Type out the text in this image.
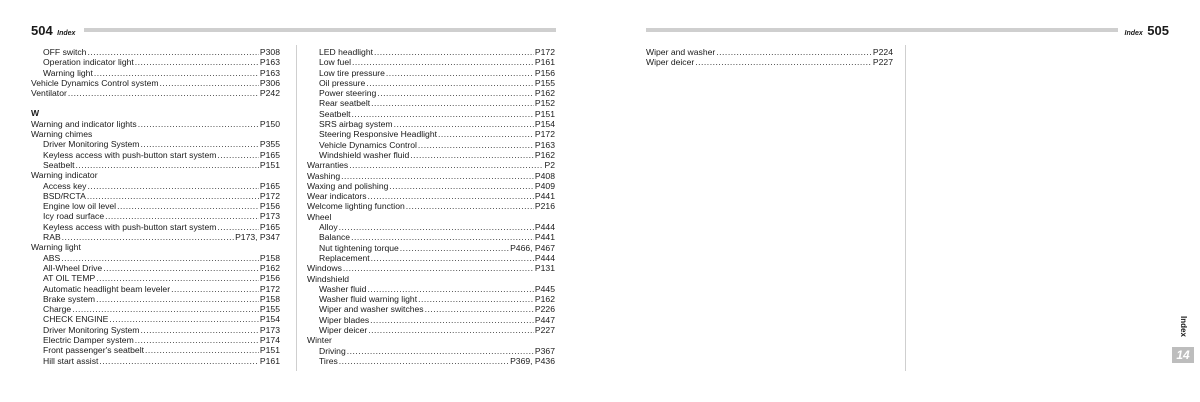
504 Index	Index 505
OFF switch .....	P308
Operation indicator light .....	P163
Warning light .....	P163
Vehicle Dynamics Control system .....	P306
Ventilator .....	P242
W
Warning and indicator lights .....	P150
Warning chimes
Driver Monitoring System .....	P355
Keyless access with push-button start system .....	P165
Seatbelt .....	P151
Warning indicator
Access key .....	P165
BSD/RCTA .....	P172
Engine low oil level .....	P156
Icy road surface .....	P173
Keyless access with push-button start system .....	P165
RAB .....	P173, P347
Warning light
ABS .....	P158
All-Wheel Drive .....	P162
AT OIL TEMP .....	P156
Automatic headlight beam leveler .....	P172
Brake system .....	P158
Charge .....	P155
CHECK ENGINE .....	P154
Driver Monitoring System .....	P173
Electric Damper system .....	P174
Front passenger's seatbelt .....	P151
Hill start assist .....	P161
LED headlight .....	P172
Low fuel .....	P161
Low tire pressure .....	P156
Oil pressure .....	P155
Power steering .....	P162
Rear seatbelt .....	P152
Seatbelt .....	P151
SRS airbag system .....	P154
Steering Responsive Headlight .....	P172
Vehicle Dynamics Control .....	P163
Windshield washer fluid .....	P162
Warranties .....	P2
Washing .....	P408
Waxing and polishing .....	P409
Wear indicators .....	P441
Welcome lighting function .....	P216
Wheel
Alloy .....	P444
Balance .....	P441
Nut tightening torque .....	P466, P467
Replacement .....	P444
Windows .....	P131
Windshield
Washer fluid .....	P445
Washer fluid warning light .....	P162
Wiper and washer switches .....	P226
Wiper blades .....	P447
Wiper deicer .....	P227
Winter
Driving .....	P367
Tires .....	P369, P436
Wiper and washer .....	P224
Wiper deicer .....	P227
Index
14
